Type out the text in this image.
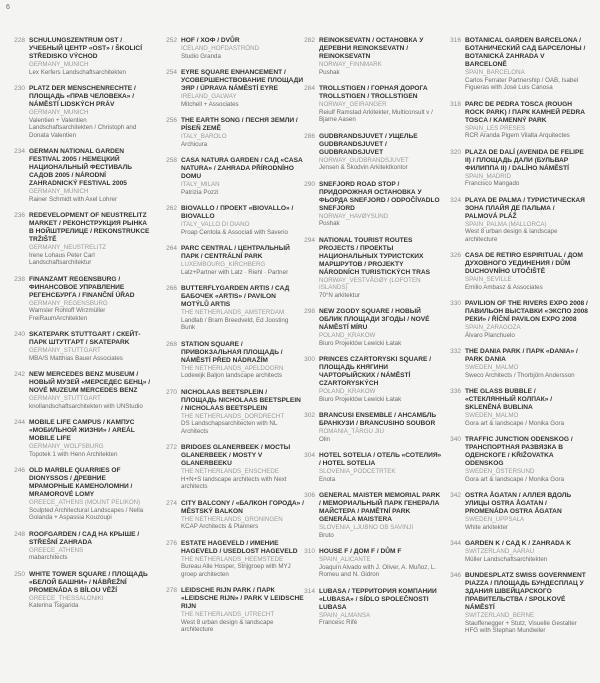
6
228 SCHULUNGSZENTRUM OST / УЧЕБНЫЙ ЦЕНТР «OST» / ŠKOLICÍ STŘEDISKO VÝCHOD
GERMANY_MUNICH
Lex Kerfers Landschaftsarchitekten
230 PLATZ DER MENSCHENRECHTE / ПЛОЩАДЬ «ПРАВ ЧЕЛОВЕКА» / NÁMĚSTÍ LIDSKÝCH PRÁV
GERMANY_MUNICH
Valentien + Valentien Landschaftsarchitekten / Christoph and Donata Valentien
234 GERMAN NATIONAL GARDEN FESTIVAL 2005 / НЕМЕЦКИЙ НАЦИОНАЛЬНЫЙ ФЕСТИВАЛЬ САДОВ 2005 / NÁRODNÍ ZAHRADNICKÝ FESTIVAL 2005
GERMANY_MUNICH
Rainer Schmidt with Axel Lohrer
236 REDEVELOPMENT OF NEUSTRELITZ MARKET / РЕКОНСТРУКЦИЯ РЫНКА В НОЙШТРЕЛИЦЕ / REKONSTRUKCE TRŽIŠTĚ
GERMANY_NEUSTRELITZ
Irene Lohaus Peter Carl Landschaftsarchitektur
238 FINANZAMT REGENSBURG / ФИНАНСОВОЕ УПРАВЛЕНИЕ РЕГЕНСБУРГА / FINANČNÍ ÚŘAD
GERMANY_REGENSBURG
Wamsler Rohloff Wirzmüller FreiRaumArchitekten
240 SKATEPARK STUTTGART / СКЕЙТ-ПАРК ШТУТГАРТ / SKATEPARK
GERMANY_STUTTGART
MBA/S Matthias Bauer Associates
242 NEW MERCEDES BENZ MUSEUM / НОВЫЙ МУЗЕЙ «МЕРСЕДЕС БЕНЦ» / NOVÉ MUZEUM MERCEDES BENZ
GERMANY_STUTTGART
knollandschaftsarchitekten with UNStudio
244 MOBILE LIFE CAMPUS / КАМПУС «МОБИЛЬНОЙ ЖИЗНИ» / AREÁL MOBILE LIFE
GERMANY_WOLFSBURG
Topotek 1 with Henn Architekten
246 OLD MARBLE QUARRIES OF DIONYSSOS / ДРЕВНИЕ МРАМОРНЫЕ КАМЕНОЛОМНИ / MRAMOROVÉ LOMY
GREECE_ATHENS (MOUNT PELIKON)
Sculpted Architectural Landscapes / Nella Golanda + Aspassia Kouzoupi
248 ROOFGARDEN / САД НА КРЫШЕ / STŘEŠNÍ ZAHRADA
GREECE_ATHENS
mabarchitects
250 WHITE TOWER SQUARE / ПЛОЩАДЬ «БЕЛОЙ БАШНИ» / NÁBŘEŽNÍ PROMENÁDA S BÍLOU VĚŽÍ
GREECE_THESSALONIKI
Katerina Tsigarida
252 HOF / ХОФ / DVŮR
ICELAND_HOFDASTRÖND
Studio Granda
254 EYRE SQUARE ENHANCEMENT / УСОВЕРШЕНСТВОВАНИЕ ПЛОЩАДИ ЭЯР / ÚPRAVA NÁMĚSTÍ EYRE
IRELAND_GALWAY
Mitchell + Associates
256 THE EARTH SONG / ПЕСНЯ ЗЕМЛИ / PÍSEŇ ZEMĚ
ITALY_BAROLO
Archicura
258 CASA NATURA GARDEN / САД «CASA NATURA» / ZAHRADA PŘÍRODNÍHO DOMU
ITALY_MILAN
Patrizia Pozzi
262 BIOVALLO / ПРОЕКТ «BIOVALLO» / BIOVALLO
ITALY_VALLO DI DIANO
Proap Centola & Associati with Saverio
264 PARC CENTRAL / ЦЕНТРАЛЬНЫЙ ПАРК / CENTRÁLNÍ PARK
LUXEMBOURG_KIRCHBERG
Latz+Partner with Latz · Riehl · Partner
266 BUTTERFLYGARDEN ARTIS / САД БАБОЧЕК «ARTIS» / PAVILON MOTÝLŮ ARTIS
THE NETHERLANDS_AMSTERDAM
Landlab / Bram Breedveld, Ed Joosting Bunk
268 STATION SQUARE / ПРИВОКЗАЛЬНАЯ ПЛОЩАДЬ / NÁMĚSTÍ PŘED NÁDRAŽÍM
THE NETHERLANDS_APELDOORN
Lodewijk Baljon landscape architects
270 NICHOLAAS BEETSPLEIN / ПЛОЩАДЬ NICHOLAAS BEETSPLEIN / NICHOLAAS BEETSPLEIN
THE NETHERLANDS_DORDRECHT
DS Landschapsarchitecten with NL Architects
272 BRIDGES GLANERBEEK / МОСТЫ GLANERBEEK / MOSTY V GLANERBEEKU
THE NETHERLANDS_ENSCHEDE
H+N+S landscape architects with Next architects
274 CITY BALCONY / «БАЛКОН ГОРОДА» / MĚSTSKÝ BALKON
THE NETHERLANDS_GRONINGEN
KCAP Architects & Planners
276 ESTATE HAGEVELD / ИМЕНИЕ HAGEVELD / USEDLOST HAGEVELD
THE NETHERLANDS_HEEMSTEDE
Bureau Alle Hosper, Strijgroep with MYJ groep architecten
278 LEIDSCHE RIJN PARK / ПАРК «LEIDSCHE RIJN» / PARK V LEIDSCHE RIJN
THE NETHERLANDS_UTRECHT
West 8 urban design & landscape architecture
282 REINOKSEVATN / ОСТАНОВКА У ДЕРЕВНИ REINOKSEVATN / REINOKSEVATN
NORWAY_FINNMARK
Pushak
284 TROLLSTIGEN / ГОРНАЯ ДОРОГА TROLLSTIGEN / TROLLSTIGEN
NORWAY_GEIRANGER
Reiulf Ramstad Arkitekter, Multiconsult v / Bjarne Aasen
286 GUDBRANDSJUVET / УЩЕЛЬЕ GUDBRANDSJUVET / GUDBRANDSJUVET
NORWAY_GUDBRANDSJUVET
Jensen & Skodvin Arkitektkontor
290 SNEFJORD ROAD STOP / ПРИДОРОЖНАЯ ОСТАНОВКА У ФЬОРДА SNEFJORD / ODPOČÍVADLO SNEFJORD
NORWAY_HAVØYSUND
Pushak
294 NATIONAL TOURIST ROUTES PROJECTS / ПРОЕКТЫ НАЦИОНАЛЬНЫХ ТУРИСТСКИХ МАРШРУТОВ / PROJEKTY NÁRODNÍCH TURISTICKÝCH TRAS
NORWAY_VESTVÅGØY (LOFOTEN ISLANDS)
70°N arkitektur
298 NEW ZGODY SQUARE / НОВЫЙ ОБЛИК ПЛОЩАДИ ЗГОДЫ / NOVÉ NÁMĚSTÍ MÍRU
POLAND_KRAKOW
Biuro Projektów Lewicki Łatak
300 PRINCES CZARTORYSKI SQUARE / ПЛОЩАДЬ КНЯГИНИ ЧАРТОРЫЙСКИХ / NÁMĚSTÍ CZARTORYSKÝCH
POLAND_KRAKOW
Biuro Projektów Lewicki Łatak
302 BRANCUSI ENSEMBLE / АНСАМБЛЬ БРАНКУЗИ / BRANCUSIHO SOUBOR
ROMANIA_TÂRGU JIU
Olin
304 HOTEL SOTELIA / ОТЕЛЬ «СОТЕЛИЯ» / HOTEL SOTELIA
SLOVENIA_PODCETRTEK
Enota
306 GENERAL MAISTER MEMORIAL PARK / МЕМОРИАЛЬНЫЙ ПАРК ГЕНЕРАЛА МАЙСТЕРА / PAMĚTNÍ PARK GENERÁLA MAISTERA
SLOVENIA_LJUBNO OB SAVINJI
Bruto
310 HOUSE F / ДОМ F / DŮM F
SPAIN_ALICANTE
Joaquín Alvado with J. Oliver, A. Muñoz, L. Romeu and N. Gidron
314 LUBASA / ТЕРРИТОРИЯ КОМПАНИИ «LUBASA» / SÍDLO SPOLEČNOSTI LUBASA
SPAIN_ALMANSA
Francesc Rifé
316 BOTANICAL GARDEN BARCELONA / БОТАНИЧЕСКИЙ САД БАРСЕЛОНЫ / BOTANICKÁ ZAHRADA V BARCELONĚ
SPAIN_BARCELONA
Carlos Ferrater Partnership / OAB, Isabel Figueras with José Luis Canosa
318 PARC DE PEDRA TOSCA (ROUGH ROCK PARK) / ПАРК КАМНЕЙ PEDRA TOSCA / KAMENNÝ PARK
SPAIN_LES PRESES
RCR Aranda Pigem Vilalta Arquitectes
320 PLAZA DE DALÍ (AVENIDA DE FELIPE II) / ПЛОЩАДЬ ДАЛИ (БУЛЬВАР ФИЛИППА II) / DALÍHO NÁMĚSTÍ
SPAIN_MADRID
Francisco Mangado
324 PLAYA DE PALMA / ТУРИСТИЧЕСКАЯ ЗОНА ПЛАЙЯ ДЕ ПАЛЬМА / PALMOVÁ PLÁŽ
SPAIN_PALMA (MALLORCA)
West 8 urban design & landscape architecture
326 CASA DE RETIRO ESPIRITUAL / ДОМ ДУХОВНОГО УЕДИНЕНИЯ / DŮM DUCHOVNÍHO UTOČIŠTĚ
SPAIN_SEVILLE
Emilio Ambasz & Associates
330 PAVILION OF THE RIVERS EXPO 2008 / ПАВИЛЬОН ВЫСТАВКИ «ЭКСПО 2008 РЕКИ» / ŘÍČNÍ PAVILON EXPO 2008
SPAIN_ZARAGOZA
Álvaro Planchuelo
332 THE DANIA PARK / ПАРК «DANIA» / PARK DANIA
SWEDEN_MALMO
Sweco Architects / Thorbjörn Andersson
336 THE GLASS BUBBLE / «СТЕКЛЯННЫЙ КОЛПАК» / SKLENĚNÁ BUBLINA
SWEDEN_MALMO
Gora art & landscape / Monika Gora
340 TRAFFIC JUNCTION ODENSKOG / ТРАНСПОРТНАЯ РАЗВЯЗКА В ОДЕНСКОГЕ / KŘIŽOVATKA ODENSKOG
SWEDEN_ÖSTERSUND
Gora art & landscape / Monika Gora
342 OSTRA ÅGATAN / АЛЛЕЯ ВДОЛЬ УЛИЦЫ OSTRA ÅGATAN / PROMENÁDA OSTRA ÅGATAN
SWEDEN_UPPSALA
White arkitekter
344 GARDEN K / САД K / ZAHRADA K
SWITZERLAND_AARAU
Müller Landschaftsarchitekten
346 BUNDESPLATZ SWISS GOVERNMENT PIAZZA / ПЛОЩАДЬ БУНДЕСПЛАЦ У ЗДАНИЯ ШВЕЙЦАРСКОГО ПРАВИТЕЛЬСТВА / SPOLKOVÉ NÁMĚSTÍ
SWITZERLAND_BERNE
Stauffenegger + Stutz, Visuelle Gestalter HFG with Stephan Mundwiler
